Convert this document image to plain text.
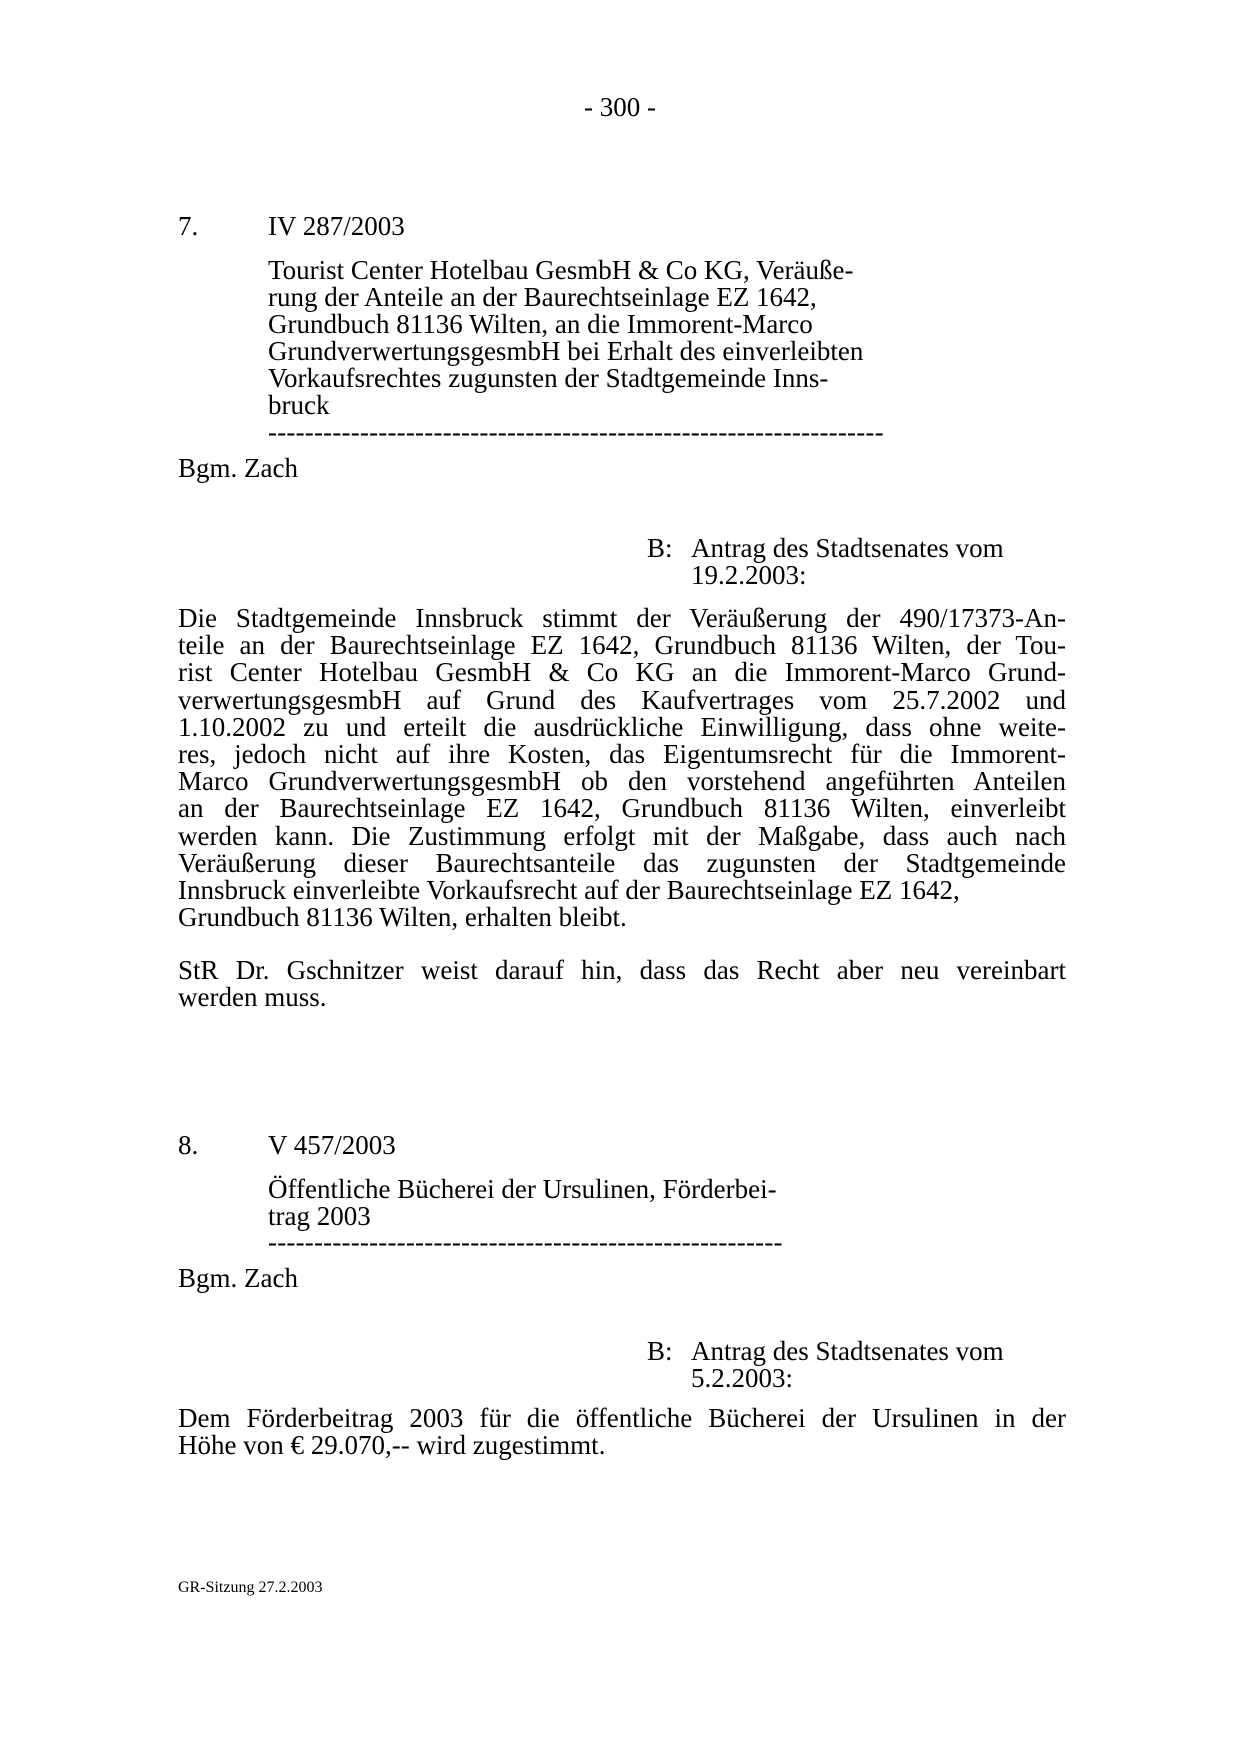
- 300 -
7.	IV 287/2003
Tourist Center Hotelbau GesmbH & Co KG, Veräuße-
rung der Anteile an der Baurechtseinlage EZ 1642,
Grundbuch 81136 Wilten, an die Immorent-Marco
GrundverwertungsgesmbH bei Erhalt des einverleibten
Vorkaufsrechtes zugunsten der Stadtgemeinde Inns-
bruck
-------------------------------------------------------------------
Bgm. Zach
B: Antrag des Stadtsenates vom
19.2.2003:
Die Stadtgemeinde Innsbruck stimmt der Veräußerung der 490/17373-An-
teile an der Baurechtseinlage EZ 1642, Grundbuch 81136 Wilten, der Tou-
rist Center Hotelbau GesmbH & Co KG an die Immorent-Marco Grund-
verwertungsgesmbH auf Grund des Kaufvertrages vom 25.7.2002 und
1.10.2002 zu und erteilt die ausdrückliche Einwilligung, dass ohne weite-
res, jedoch nicht auf ihre Kosten, das Eigentumsrecht für die Immorent-
Marco GrundverwertungsgesmbH ob den vorstehend angeführten Anteilen
an der Baurechtseinlage EZ 1642, Grundbuch 81136 Wilten, einverleibt
werden kann. Die Zustimmung erfolgt mit der Maßgabe, dass auch nach
Veräußerung dieser Baurechtsanteile das zugunsten der Stadtgemeinde
Innsbruck einverleibte Vorkaufsrecht auf der Baurechtseinlage EZ 1642,
Grundbuch 81136 Wilten, erhalten bleibt.
StR Dr. Gschnitzer weist darauf hin, dass das Recht aber neu vereinbart
werden muss.
8.	V 457/2003
Öffentliche Bücherei der Ursulinen, Förderbei-
trag 2003
--------------------------------------------------------
Bgm. Zach
B: Antrag des Stadtsenates vom
5.2.2003:
Dem Förderbeitrag 2003 für die öffentliche Bücherei der Ursulinen in der
Höhe von € 29.070,-- wird zugestimmt.
GR-Sitzung 27.2.2003
